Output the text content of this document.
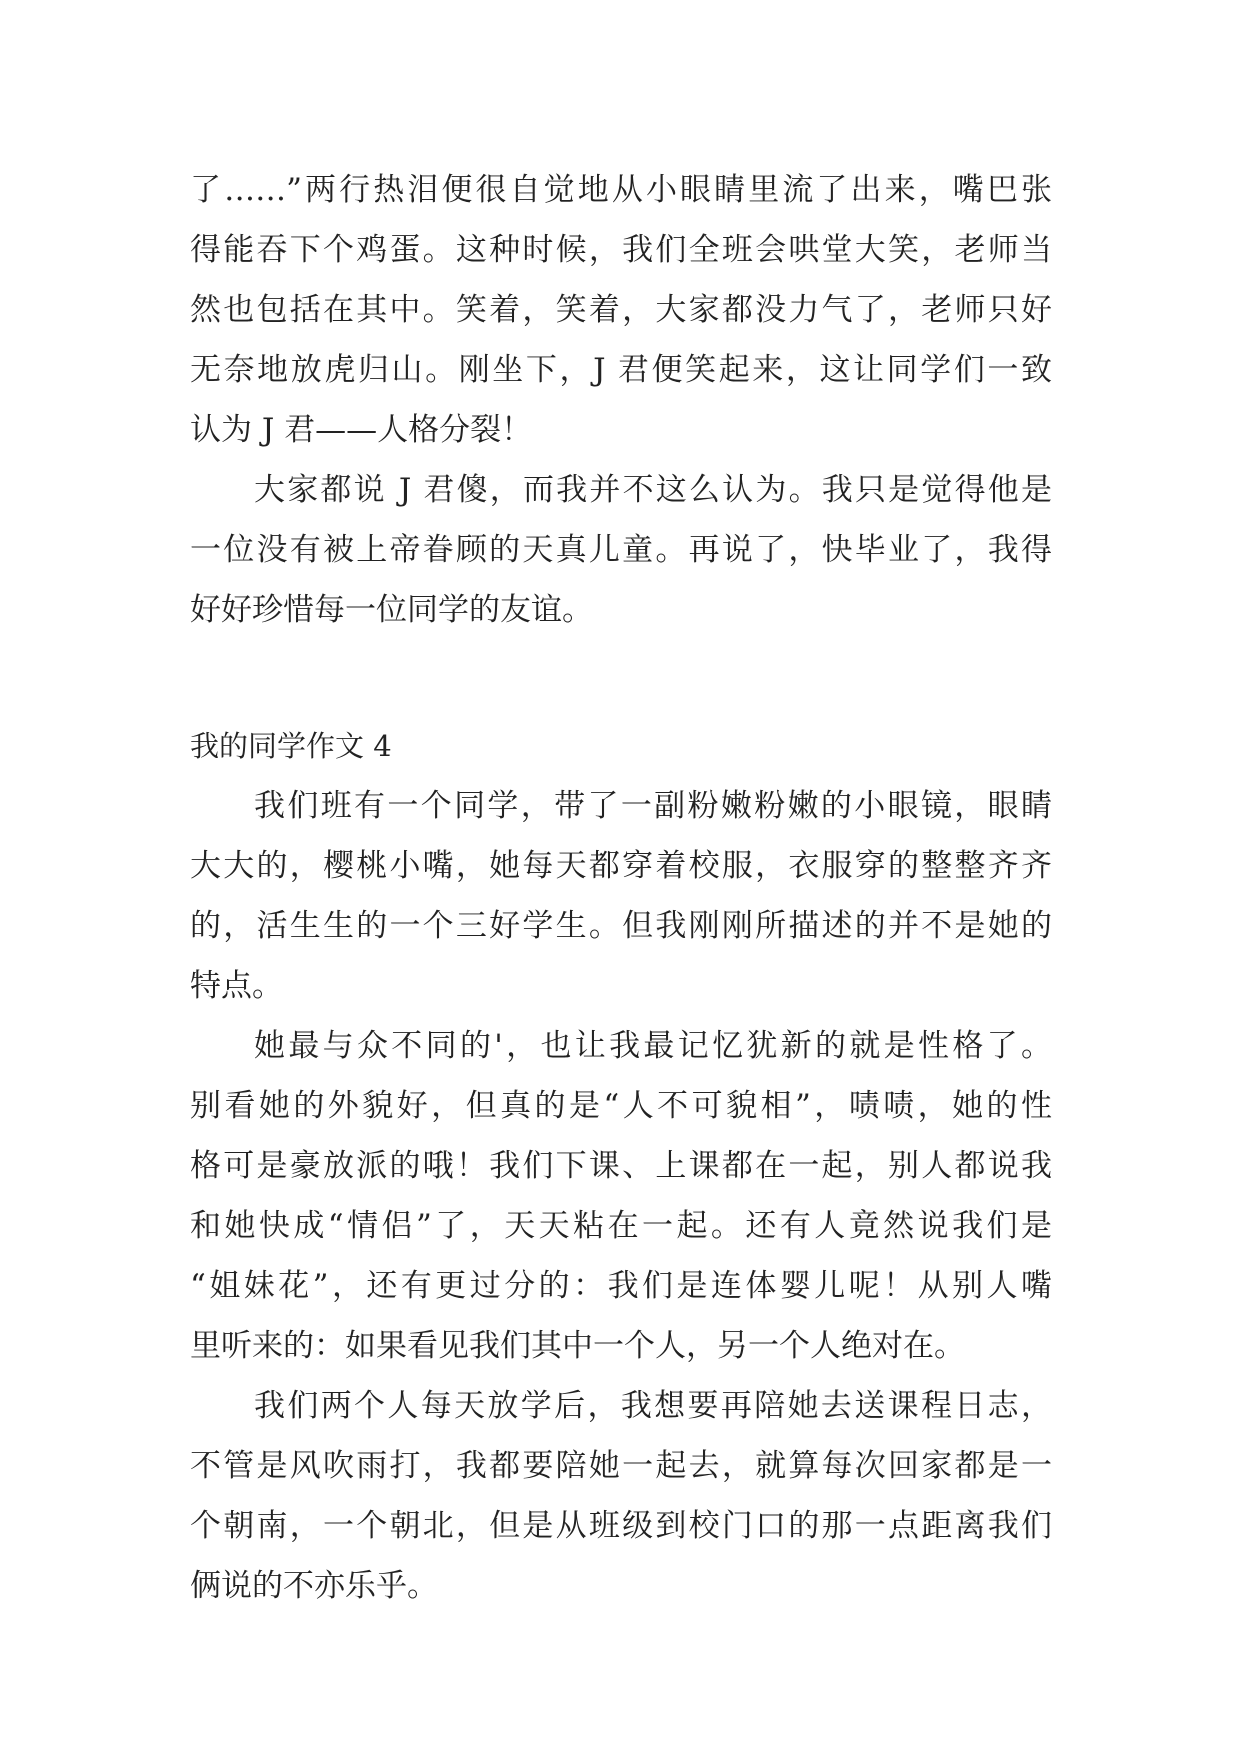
了……”两行热泪便很自觉地从小眼睛里流了出来，嘴巴张
得能吞下个鸡蛋。这种时候，我们全班会哄堂大笑，老师当
然也包括在其中。笑着，笑着，大家都没力气了，老师只好
无奈地放虎归山。刚坐下，J 君便笑起来，这让同学们一致
认为 J 君——人格分裂！
大家都说 J 君傻，而我并不这么认为。我只是觉得他是
一位没有被上帝眷顾的天真儿童。再说了，快毕业了，我得
好好珍惜每一位同学的友谊。
我的同学作文 4
我们班有一个同学，带了一副粉嫩粉嫩的小眼镜，眼睛
大大的，樱桃小嘴，她每天都穿着校服，衣服穿的整整齐齐
的，活生生的一个三好学生。但我刚刚所描述的并不是她的
特点。
她最与众不同的'，也让我最记忆犹新的就是性格了。
别看她的外貌好，但真的是“人不可貌相”，啧啧，她的性
格可是豪放派的哦！我们下课、上课都在一起，别人都说我
和她快成“情侣”了，天天粘在一起。还有人竟然说我们是
“姐妹花”，还有更过分的：我们是连体婴儿呢！从别人嘴
里听来的：如果看见我们其中一个人，另一个人绝对在。
我们两个人每天放学后，我想要再陪她去送课程日志，
不管是风吹雨打，我都要陪她一起去，就算每次回家都是一
个朝南，一个朝北，但是从班级到校门口的那一点距离我们
俩说的不亦乐乎。
